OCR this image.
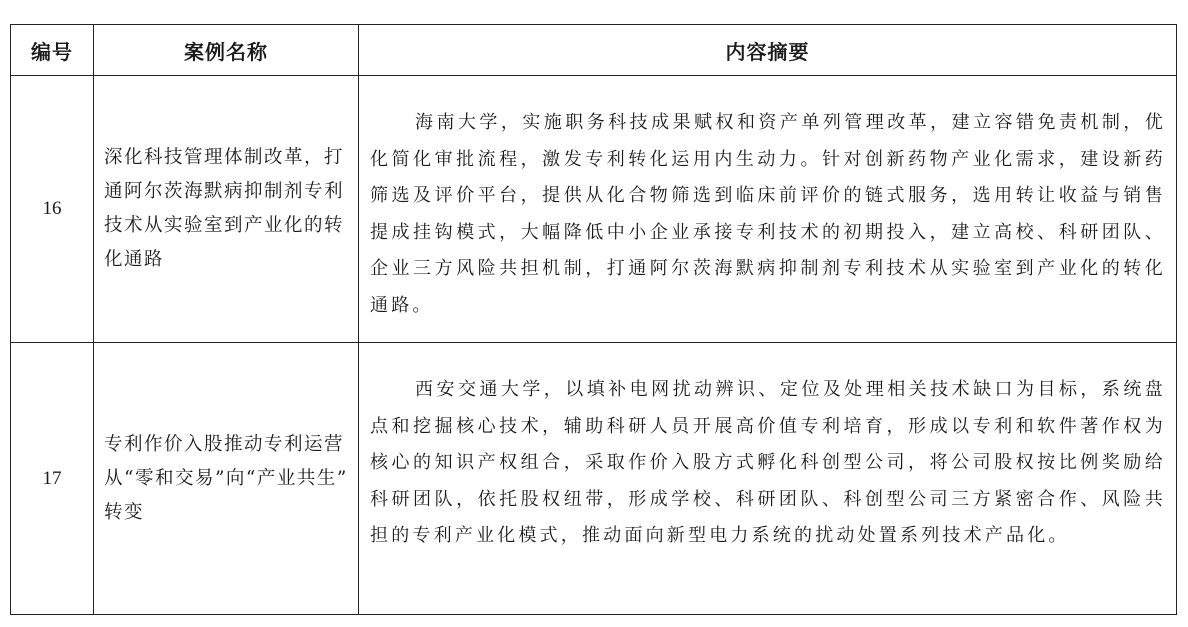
编号	案例名称	内容摘要
16	深化科技管理体制改革，打通阿尔茨海默病抑制剂专利技术从实验室到产业化的转化通路	海南大学，实施职务科技成果赋权和资产单列管理改革，建立容错免责机制，优化简化审批流程，激发专利转化运用内生动力。针对创新药物产业化需求，建设新药筛选及评价平台，提供从化合物筛选到临床前评价的链式服务，选用转让收益与销售提成挂钩模式，大幅降低中小企业承接专利技术的初期投入，建立高校、科研团队、企业三方风险共担机制，打通阿尔茨海默病抑制剂专利技术从实验室到产业化的转化通路。

17	专利作价入股推动专利运营从“零和交易”向“产业共生” 转变	西安交通大学，以填补电网扰动辨识、定位及处理相关技术缺口为目标，系统盘点和挖掘核心技术，辅助科研人员开展高价值专利培育，形成以专利和软件著作权为核心的知识产权组合，采取作价入股方式孵化科创型公司，将公司股权按比例奖励给科研团队，依托股权纽带，形成学校、科研团队、科创型公司三方紧密合作、风险共担的专利产业化模式，推动面向新型电力系统的扰动处置系列技术产品化。
